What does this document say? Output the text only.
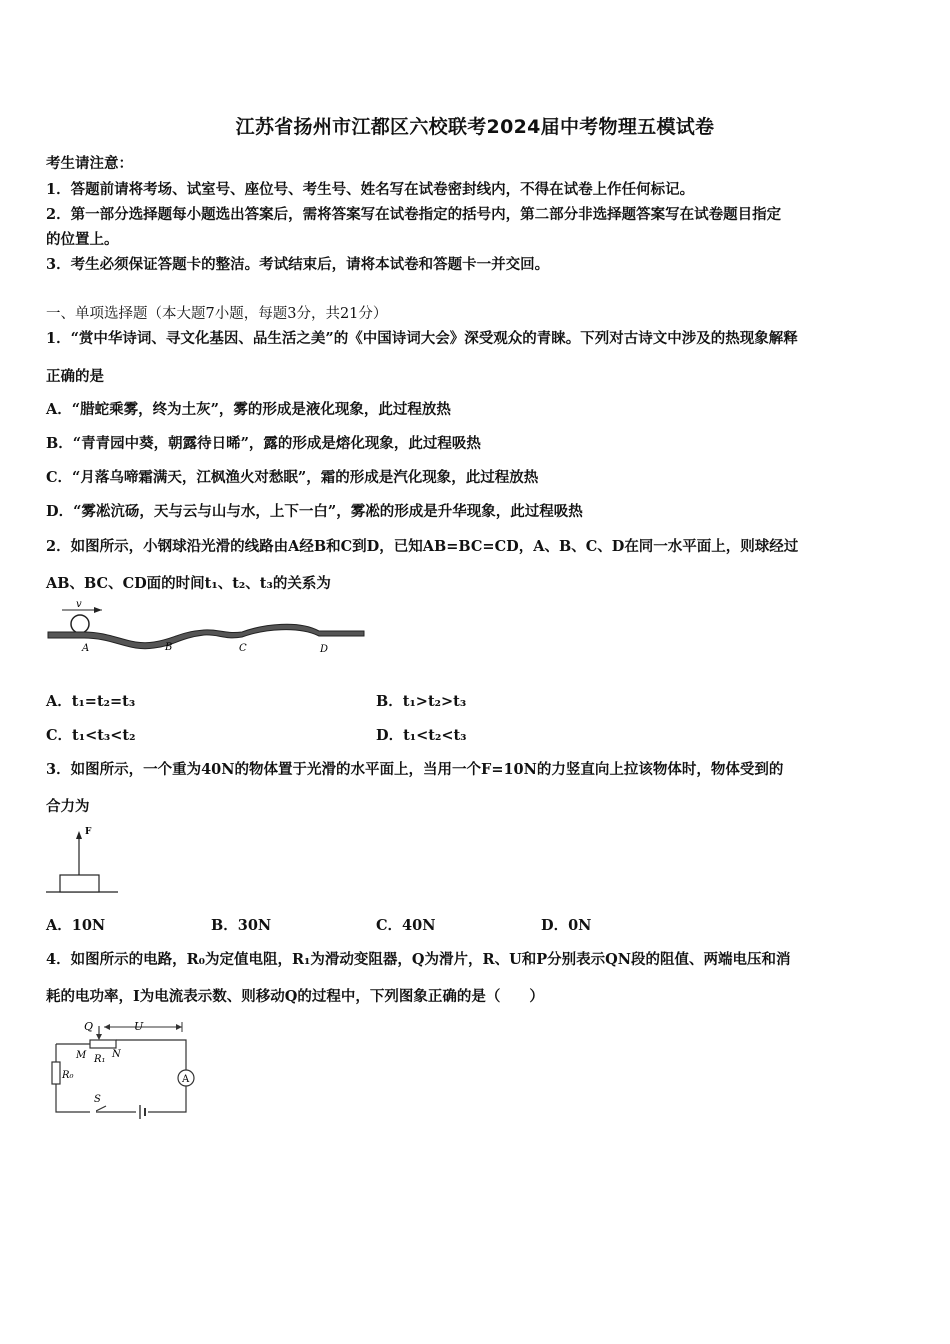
江苏省扬州市江都区六校联考2024届中考物理五模试卷
考生请注意：
1．答题前请将考场、试室号、座位号、考生号、姓名写在试卷密封线内，不得在试卷上作任何标记。
2．第一部分选择题每小题选出答案后，需将答案写在试卷指定的括号内，第二部分非选择题答案写在试卷题目指定
的位置上。
3．考生必须保证答题卡的整洁。考试结束后，请将本试卷和答题卡一并交回。
一、单项选择题（本大题7小题，每题3分，共21分）
1．“赏中华诗词、寻文化基因、品生活之美”的《中国诗词大会》深受观众的青睐。下列对古诗文中涉及的热现象解释
正确的是
A．“腊蛇乘雾，终为土灰”，雾的形成是液化现象，此过程放热
B．“青青园中葵，朝露待日晞”，露的形成是熔化现象，此过程吸热
C．“月落乌啼霜满天，江枫渔火对愁眠”，霜的形成是汽化现象，此过程放热
D．“雾凇沆砀，天与云与山与水，上下一白”，雾凇的形成是升华现象，此过程吸热
2．如图所示，小钢球沿光滑的线路由A经B和C到D，已知AB=BC=CD，A、B、C、D在同一水平面上，则球经过
AB、BC、CD面的时间t₁、t₂、t₃的关系为
v
A	B	C	D
A．t₁=t₂=t₃	B．t₁>t₂>t₃
C．t₁<t₃<t₂	D．t₁<t₂<t₃
3．如图所示，一个重为40N的物体置于光滑的水平面上，当用一个F=10N的力竖直向上拉该物体时，物体受到的
合力为
F
A．10N	B．30N	C．40N	D．0N
4．如图所示的电路，R₀为定值电阻，R₁为滑动变阻器，Q为滑片，R、U和P分别表示QN段的阻值、两端电压和消
耗的电功率，I为电流表示数、则移动Q的过程中，下列图象正确的是（　　）
Q	U
M R₁ N
R₀	A
S
